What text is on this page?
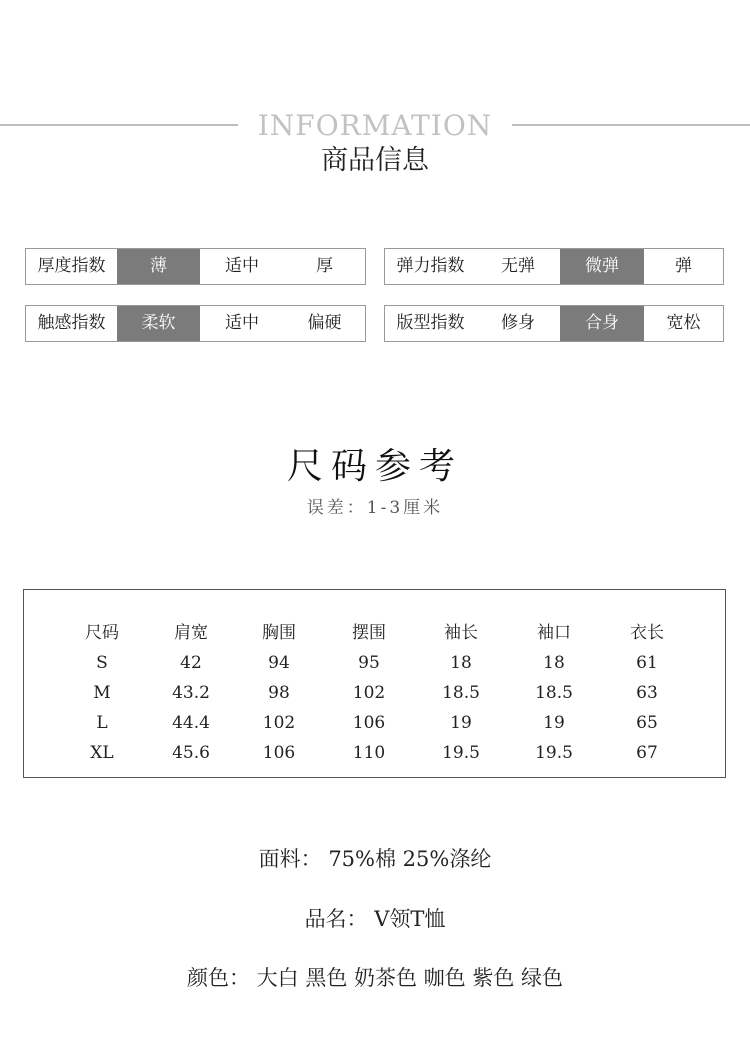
INFORMATION
商品信息
厚度指数	薄	适中	厚	弹力指数	无弹	微弹	弹
触感指数	柔软	适中	偏硬	版型指数	修身	合身	宽松
尺码参考
误差：1-3厘米
尺码	肩宽	胸围	摆围	袖长	袖口	衣长
S	42	94	95	18	18	61
M	43.2	98	102	18.5	18.5	63
L	44.4	102	106	19	19	65
XL	45.6	106	110	19.5	19.5	67
面料： 75%棉 25%涤纶
品名： V领T恤
颜色： 大白 黑色 奶茶色 咖色 紫色 绿色
